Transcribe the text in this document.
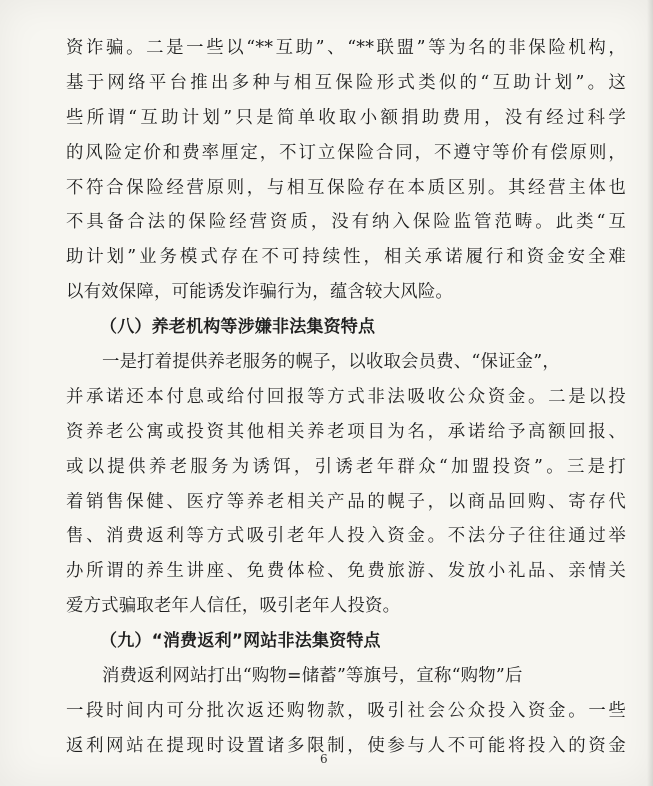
资诈骗。二是一些以“**互助”、“**联盟”等为名的非保险机构，
基于网络平台推出多种与相互保险形式类似的“互助计划”。这
些所谓“互助计划”只是简单收取小额捐助费用，没有经过科学
的风险定价和费率厘定，不订立保险合同，不遵守等价有偿原则，
不符合保险经营原则，与相互保险存在本质区别。其经营主体也
不具备合法的保险经营资质，没有纳入保险监管范畴。此类“互
助计划”业务模式存在不可持续性，相关承诺履行和资金安全难
以有效保障，可能诱发诈骗行为，蕴含较大风险。
（八）养老机构等涉嫌非法集资特点
一是打着提供养老服务的幌子，以收取会员费、“保证金”，
并承诺还本付息或给付回报等方式非法吸收公众资金。二是以投
资养老公寓或投资其他相关养老项目为名，承诺给予高额回报、
或以提供养老服务为诱饵，引诱老年群众“加盟投资”。三是打
着销售保健、医疗等养老相关产品的幌子，以商品回购、寄存代
售、消费返利等方式吸引老年人投入资金。不法分子往往通过举
办所谓的养生讲座、免费体检、免费旅游、发放小礼品、亲情关
爱方式骗取老年人信任，吸引老年人投资。
（九）“消费返利”网站非法集资特点
消费返利网站打出“购物=储蓄”等旗号，宣称“购物”后
一段时间内可分批次返还购物款，吸引社会公众投入资金。一些
返利网站在提现时设置诸多限制，使参与人不可能将投入的资金
6
